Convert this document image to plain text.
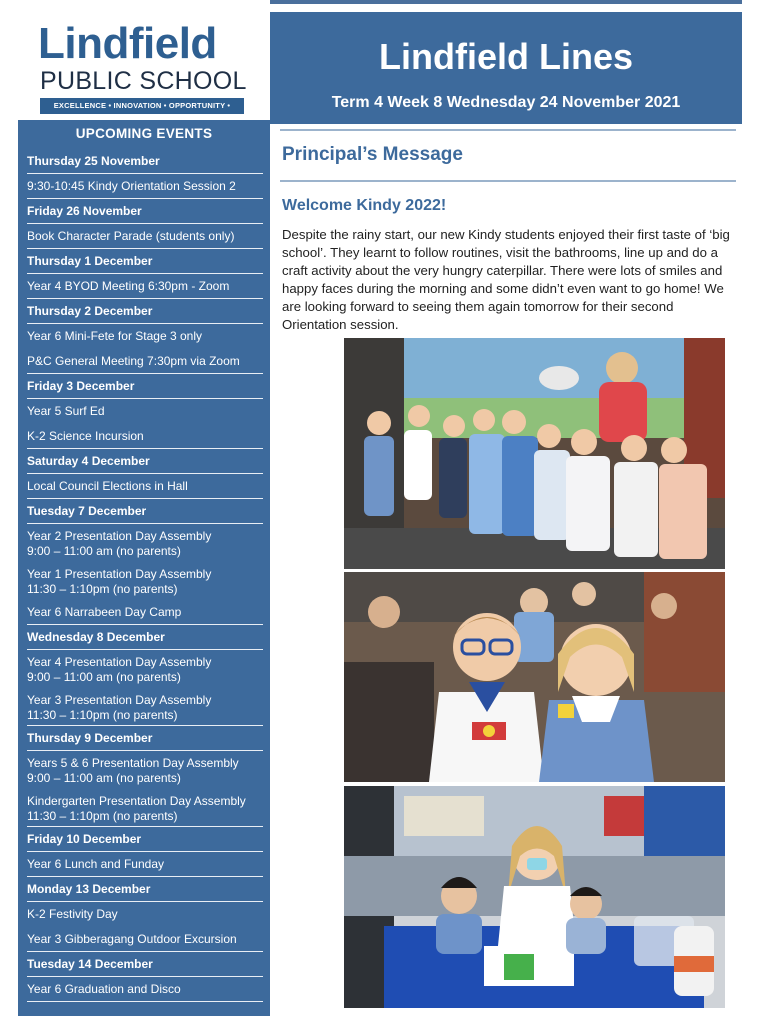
Lindfield
PUBLIC SCHOOL
EXCELLENCE • INNOVATION • OPPORTUNITY •
Lindfield Lines
Term 4 Week 8 Wednesday 24 November 2021
UPCOMING EVENTS
Thursday 25 November
9:30-10:45 Kindy Orientation Session 2
Friday 26 November
Book Character Parade (students only)
Thursday 1 December
Year 4 BYOD Meeting 6:30pm - Zoom
Thursday 2 December
Year 6 Mini-Fete for Stage 3 only
P&C General Meeting 7:30pm via Zoom
Friday 3 December
Year 5 Surf Ed
K-2 Science Incursion
Saturday 4 December
Local Council Elections in Hall
Tuesday 7 December
Year 2 Presentation Day Assembly
9:00 – 11:00 am (no parents)
Year 1 Presentation Day Assembly
11:30 – 1:10pm (no parents)
Year 6 Narrabeen Day Camp
Wednesday 8 December
Year 4 Presentation Day Assembly
9:00 – 11:00 am (no parents)
Year 3 Presentation Day Assembly
11:30 – 1:10pm (no parents)
Thursday 9 December
Years 5 & 6 Presentation Day Assembly
9:00 – 11:00 am (no parents)
Kindergarten Presentation Day Assembly
11:30 – 1:10pm (no parents)
Friday 10 December
Year 6 Lunch and Funday
Monday 13 December
K-2 Festivity Day
Year 3 Gibberagang Outdoor Excursion
Tuesday 14 December
Year 6 Graduation and Disco
Principal’s Message
Welcome Kindy 2022!
Despite the rainy start, our new Kindy students enjoyed their first taste of ‘big school’. They learnt to follow routines, visit the bathrooms, line up and do a craft activity about the very hungry caterpillar. There were lots of smiles and happy faces during the morning and some didn’t even want to go home! We are looking forward to seeing them again tomorrow for their second Orientation session.
